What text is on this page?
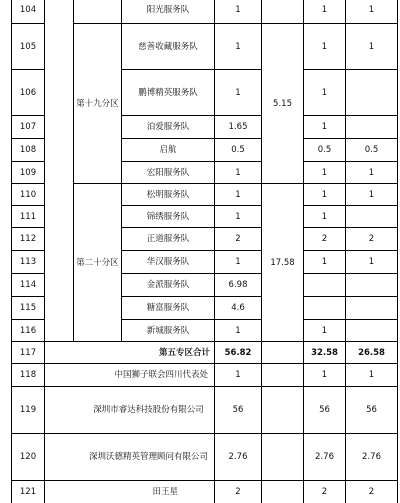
104			阳光服务队	1		1	1
105		第十九分区	慈善收藏服务队	1	5.15	1	1
106			鹏博精英服务队	1		1	
107			泊爱服务队	1.65		1	
108			启航	0.5		0.5	0.5
109			宏阳服务队	1		1	1
110		第二十分区	松明服务队	1	17.58	1	1
111			锦绣服务队	1		1	
112			正道服务队	2		2	2
113			华汉服务队	1		1	1
114			金派服务队	6.98			
115			糖富服务队	4.6			
116			新城服务队	1		1	
117	第五专区合计			56.82		32.58	26.58
118	中国狮子联会四川代表处			1		1	1
119	深圳市睿达科技股份有限公司			56		56	56
120	深圳沃德精英管理顾问有限公司			2.76		2.76	2.76
121	田王星			2		2	2
